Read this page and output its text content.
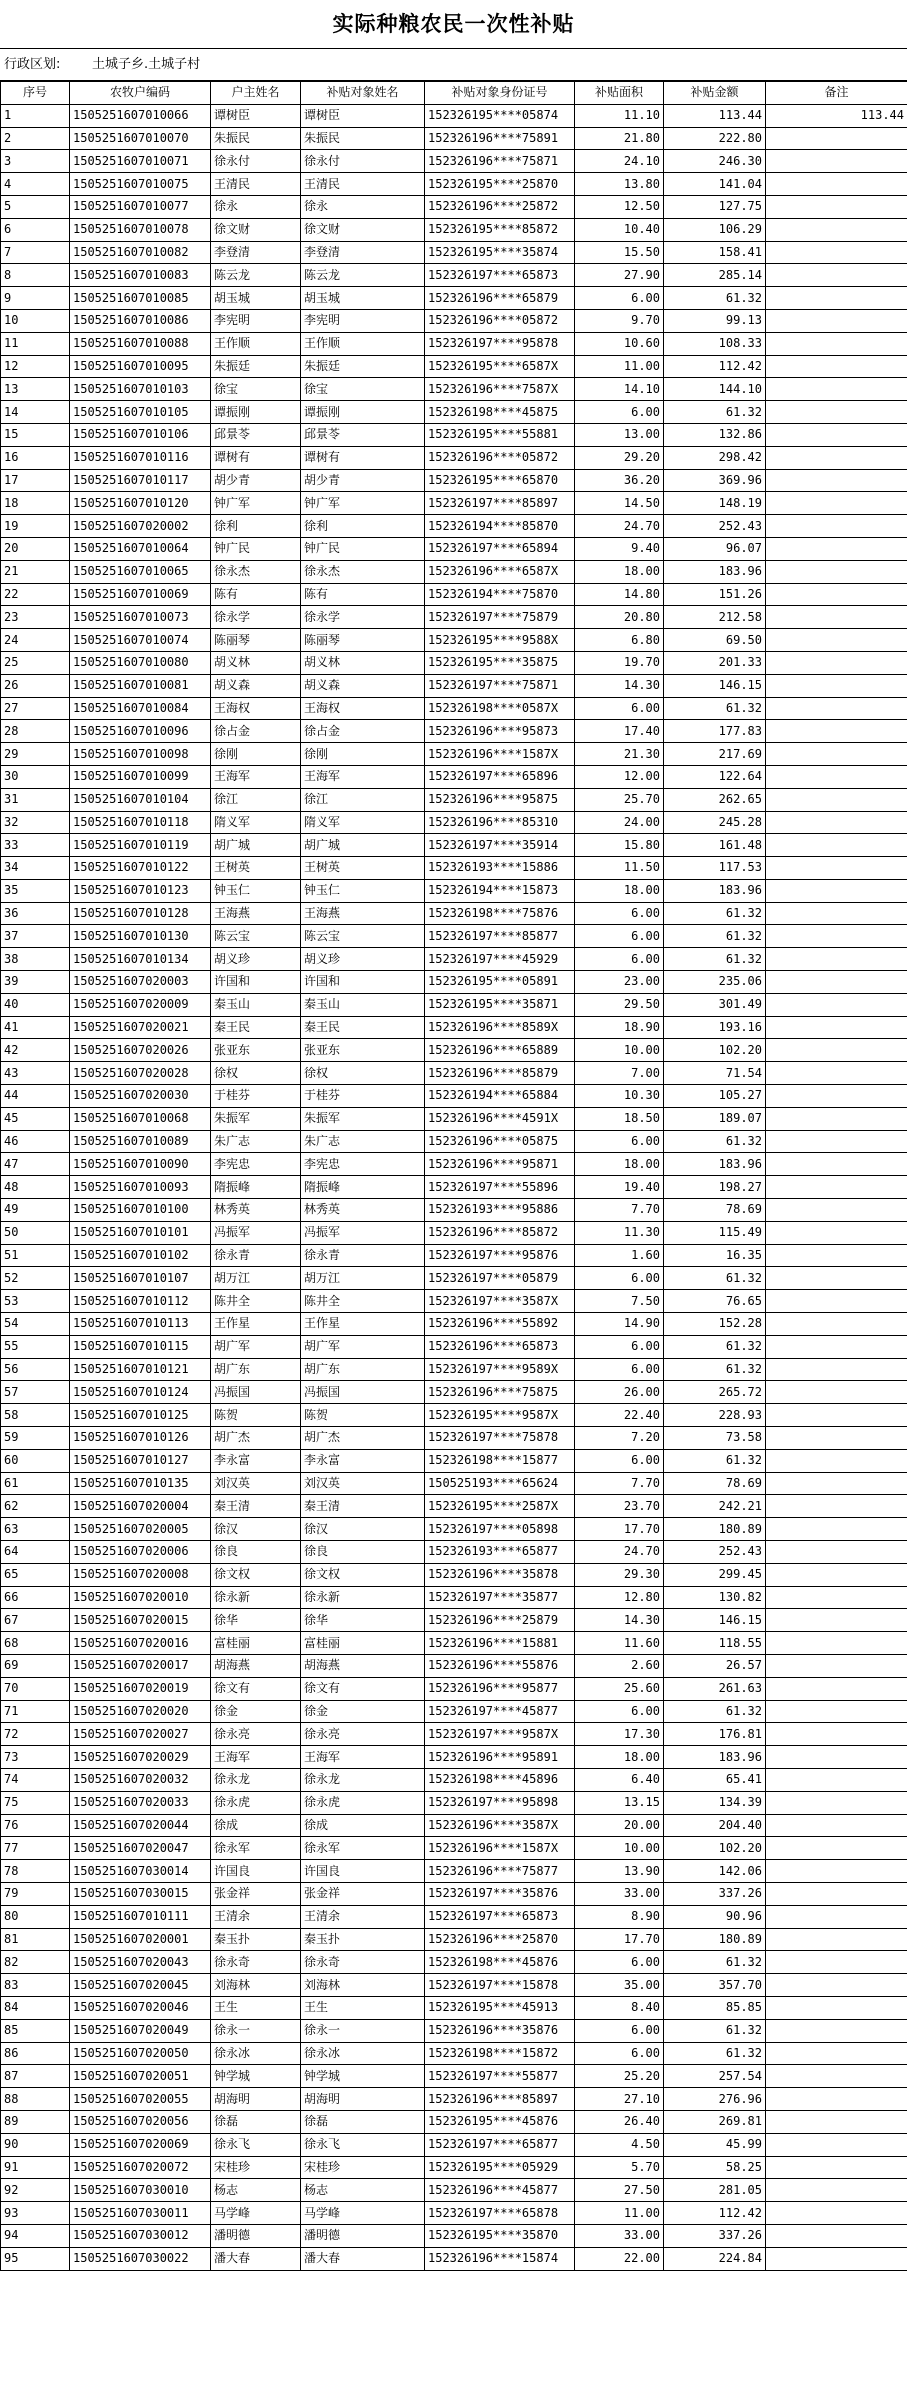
实际种粮农民一次性补贴
行政区划:	土城子乡.土城子村
序号	农牧户编码	户主姓名	补贴对象姓名	补贴对象身份证号	补贴面积	补贴金额	备注
1	150525160701006​6	谭树臣	谭树臣	152326195****05874	11.10	113.44	113.44
2	1505251607010070	朱振民	朱振民	152326196****75891	21.80	222.80	
3	1505251607010071	徐永付	徐永付	152326196****75871	24.10	246.30	
4	1505251607010075	王清民	王清民	152326195****25870	13.80	141.04	
5	1505251607010077	徐永	徐永	152326196****25872	12.50	127.75	
6	1505251607010078	徐文财	徐文财	152326195****85872	10.40	106.29	
7	1505251607010082	李登清	李登清	152326195****35874	15.50	158.41	
8	1505251607010083	陈云龙	陈云龙	152326197****65873	27.90	285.14	
9	1505251607010085	胡玉城	胡玉城	152326196****65879	6.00	61.32	
10	1505251607010086	李宪明	李宪明	152326196****05872	9.70	99.13	
11	1505251607010088	王作顺	王作顺	152326197****95878	10.60	108.33	
12	1505251607010095	朱振廷	朱振廷	152326195****6587X	11.00	112.42	
13	1505251607010103	徐宝	徐宝	152326196****7587X	14.10	144.10	
14	1505251607010105	谭振刚	谭振刚	152326198****45875	6.00	61.32	
15	1505251607010106	邱景苓	邱景苓	152326195****55881	13.00	132.86	
16	1505251607010116	谭树有	谭树有	152326196****05872	29.20	298.42	
17	1505251607010117	胡少青	胡少青	152326195****65870	36.20	369.96	
18	1505251607010120	钟广军	钟广军	152326197****85897	14.50	148.19	
19	1505251607020002	徐利	徐利	152326194****85870	24.70	252.43	
20	1505251607010064	钟广民	钟广民	152326197****65894	9.40	96.07	
21	1505251607010065	徐永杰	徐永杰	152326196****6587X	18.00	183.96	
22	1505251607010069	陈有	陈有	152326194****75870	14.80	151.26	
23	1505251607010073	徐永学	徐永学	152326197****75879	20.80	212.58	
24	1505251607010074	陈丽琴	陈丽琴	152326195****9588X	6.80	69.50	
25	1505251607010080	胡义林	胡义林	152326195****35875	19.70	201.33	
26	1505251607010081	胡义森	胡义森	152326197****75871	14.30	146.15	
27	1505251607010084	王海权	王海权	152326198****0587X	6.00	61.32	
28	1505251607010096	徐占金	徐占金	152326196****95873	17.40	177.83	
29	1505251607010098	徐刚	徐刚	152326196****1587X	21.30	217.69	
30	1505251607010099	王海军	王海军	152326197****65896	12.00	122.64	
31	1505251607010104	徐江	徐江	152326196****95875	25.70	262.65	
32	1505251607010118	隋义军	隋义军	152326196****85310	24.00	245.28	
33	1505251607010119	胡广城	胡广城	152326197****35914	15.80	161.48	
34	1505251607010122	王树英	王树英	152326193****15886	11.50	117.53	
35	1505251607010123	钟玉仁	钟玉仁	152326194****15873	18.00	183.96	
36	1505251607010128	王海燕	王海燕	152326198****75876	6.00	61.32	
37	1505251607010130	陈云宝	陈云宝	152326197****85877	6.00	61.32	
38	1505251607010134	胡义珍	胡义珍	152326197****45929	6.00	61.32	
39	1505251607020003	许国和	许国和	152326195****05891	23.00	235.06	
40	1505251607020009	秦玉山	秦玉山	152326195****35871	29.50	301.49	
41	1505251607020021	秦王民	秦王民	152326196****8589X	18.90	193.16	
42	1505251607020026	张亚东	张亚东	152326196****65889	10.00	102.20	
43	1505251607020028	徐权	徐权	152326196****85879	7.00	71.54	
44	1505251607020030	于桂芬	于桂芬	152326194****65884	10.30	105.27	
45	1505251607010068	朱振军	朱振军	152326196****4591X	18.50	189.07	
46	1505251607010089	朱广志	朱广志	152326196****05875	6.00	61.32	
47	1505251607010090	李宪忠	李宪忠	152326196****95871	18.00	183.96	
48	1505251607010093	隋振峰	隋振峰	152326197****55896	19.40	198.27	
49	1505251607010100	林秀英	林秀英	152326193****95886	7.70	78.69	
50	1505251607010101	冯振军	冯振军	152326196****85872	11.30	115.49	
51	1505251607010102	徐永青	徐永青	152326197****95876	1.60	16.35	
52	1505251607010107	胡万江	胡万江	152326197****05879	6.00	61.32	
53	1505251607010112	陈井全	陈井全	152326197****3587X	7.50	76.65	
54	1505251607010113	王作星	王作星	152326196****55892	14.90	152.28	
55	1505251607010115	胡广军	胡广军	152326196****65873	6.00	61.32	
56	1505251607010121	胡广东	胡广东	152326197****9589X	6.00	61.32	
57	1505251607010124	冯振国	冯振国	152326196****75875	26.00	265.72	
58	1505251607010125	陈贺	陈贺	152326195****9587X	22.40	228.93	
59	1505251607010126	胡广杰	胡广杰	152326197****75878	7.20	73.58	
60	1505251607010127	李永富	李永富	152326198****15877	6.00	61.32	
61	1505251607010135	刘汉英	刘汉英	150525193****65624	7.70	78.69	
62	1505251607020004	秦王清	秦王清	152326195****2587X	23.70	242.21	
63	1505251607020005	徐汉	徐汉	152326197****05898	17.70	180.89	
64	1505251607020006	徐良	徐良	152326193****65877	24.70	252.43	
65	1505251607020008	徐文权	徐文权	152326196****35878	29.30	299.45	
66	1505251607020010	徐永新	徐永新	152326197****35877	12.80	130.82	
67	1505251607020015	徐华	徐华	152326196****25879	14.30	146.15	
68	1505251607020016	富桂丽	富桂丽	152326196****15881	11.60	118.55	
69	1505251607020017	胡海燕	胡海燕	152326196****55876	2.60	26.57	
70	1505251607020019	徐文有	徐文有	152326196****95877	25.60	261.63	
71	1505251607020020	徐金	徐金	152326197****45877	6.00	61.32	
72	1505251607020027	徐永亮	徐永亮	152326197****9587X	17.30	176.81	
73	1505251607020029	王海军	王海军	152326196****95891	18.00	183.96	
74	1505251607020032	徐永龙	徐永龙	152326198****45896	6.40	65.41	
75	1505251607020033	徐永虎	徐永虎	152326197****95898	13.15	134.39	
76	1505251607020044	徐成	徐成	152326196****3587X	20.00	204.40	
77	1505251607020047	徐永军	徐永军	152326196****1587X	10.00	102.20	
78	1505251607030014	许国良	许国良	152326196****75877	13.90	142.06	
79	1505251607030015	张金祥	张金祥	152326197****35876	33.00	337.26	
80	1505251607010111	王清余	王清余	152326197****65873	8.90	90.96	
81	1505251607020001	秦玉扑	秦玉扑	152326196****25870	17.70	180.89	
82	1505251607020043	徐永奇	徐永奇	152326198****45876	6.00	61.32	
83	1505251607020045	刘海林	刘海林	152326197****15878	35.00	357.70	
84	1505251607020046	王生	王生	152326195****45913	8.40	85.85	
85	1505251607020049	徐永一	徐永一	152326196****35876	6.00	61.32	
86	1505251607020050	徐永冰	徐永冰	152326198****15872	6.00	61.32	
87	1505251607020051	钟学城	钟学城	152326197****55877	25.20	257.54	
88	1505251607020055	胡海明	胡海明	152326196****85897	27.10	276.96	
89	1505251607020056	徐磊	徐磊	152326195****45876	26.40	269.81	
90	1505251607020069	徐永飞	徐永飞	152326197****65877	4.50	45.99	
91	1505251607020072	宋桂珍	宋桂珍	152326195****05929	5.70	58.25	
92	1505251607030010	杨志	杨志	152326196****45877	27.50	281.05	
93	1505251607030011	马学峰	马学峰	152326197****65878	11.00	112.42	
94	1505251607030012	潘明德	潘明德	152326195****35870	33.00	337.26	
95	1505251607030022	潘大春	潘大春	152326196****15874	22.00	224.84	
